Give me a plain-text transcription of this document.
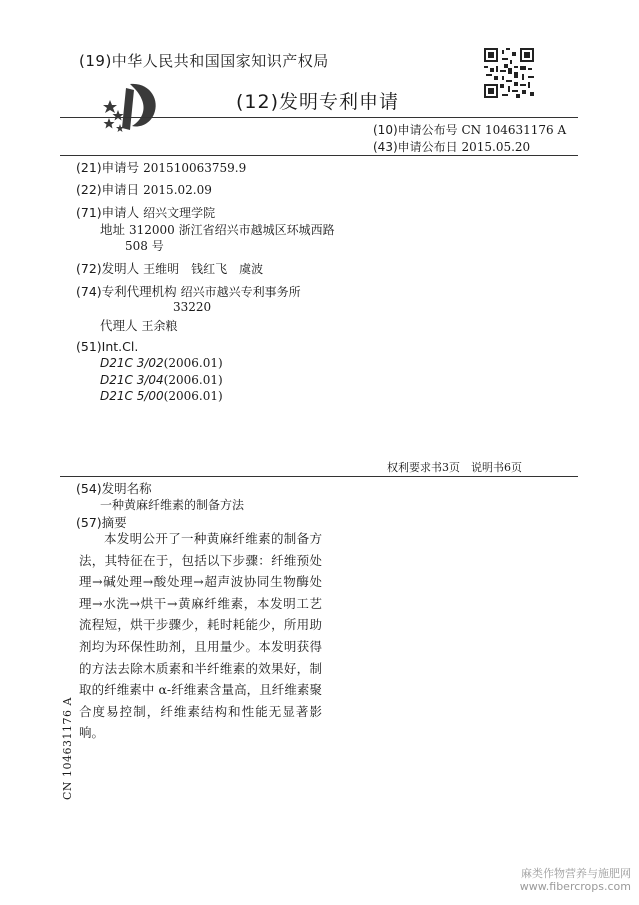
(19)中华人民共和国国家知识产权局
(12)发明专利申请
(10)申请公布号 CN 104631176 A
(43)申请公布日 2015.05.20
(21)申请号 201510063759.9
(22)申请日 2015.02.09
(71)申请人 绍兴文理学院
地址 312000 浙江省绍兴市越城区环城西路
508 号
(72)发明人 王维明　钱红飞　虞波
(74)专利代理机构 绍兴市越兴专利事务所
33220
代理人 王余粮
(51)Int.Cl.
D21C 3/02(2006.01)
D21C 3/04(2006.01)
D21C 5/00(2006.01)
权利要求书3页　说明书6页
(54)发明名称
一种黄麻纤维素的制备方法
(57)摘要
本发明公开了一种黄麻纤维素的制备方法，其特征在于，包括以下步骤：纤维预处理→碱处理→酸处理→超声波协同生物酶处理→水洗→烘干→黄麻纤维素，本发明工艺流程短，烘干步骤少，耗时耗能少，所用助剂均为环保性助剂，且用量少。本发明获得的方法去除木质素和半纤维素的效果好，制取的纤维素中 α-纤维素含量高，且纤维素聚合度易控制，纤维素结构和性能无显著影响。
CN 104631176 A
麻类作物营养与施肥网
www.fibercrops.com
